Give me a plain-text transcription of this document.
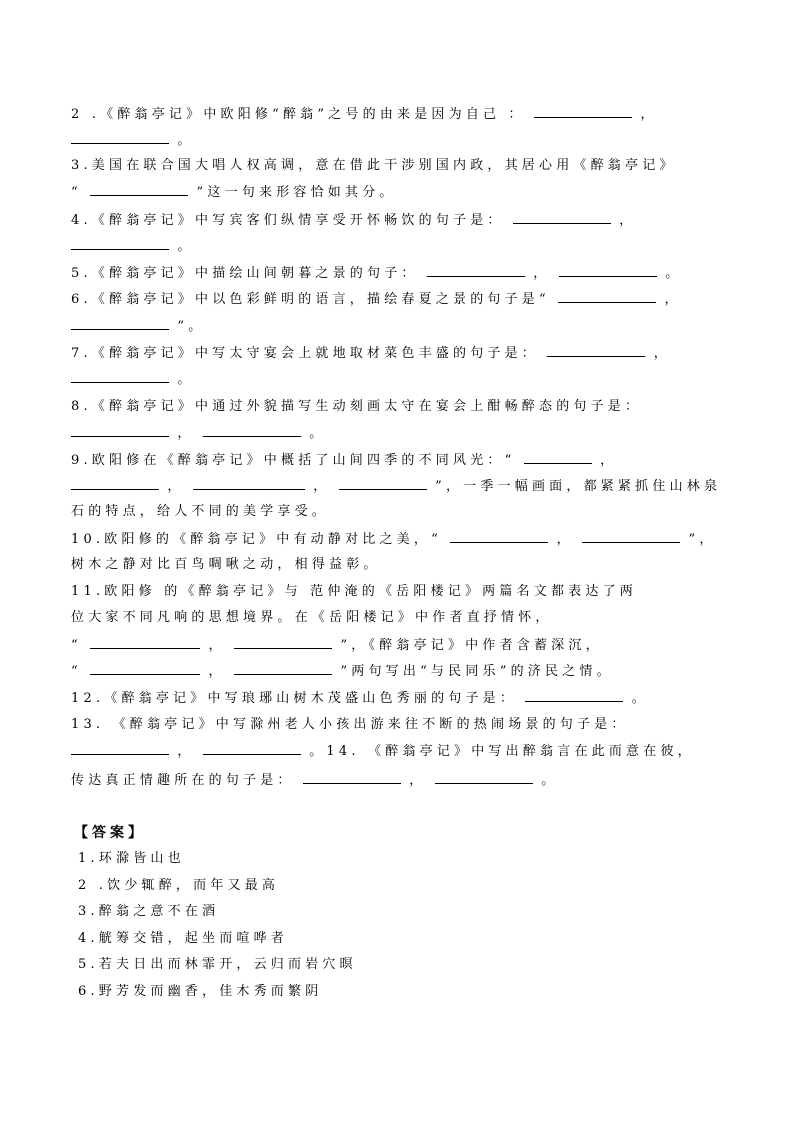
2 .《醉翁亭记》中欧阳修“醉翁”之号的由来是因为自己 ：	，
。
3.美国在联合国大唱人权高调，意在借此干涉别国内政，其居心用《醉翁亭记》
“	”这一句来形容恰如其分。
4.《醉翁亭记》中写宾客们纵情享受开怀畅饮的句子是：	，
。
5.《醉翁亭记》中描绘山间朝暮之景的句子：	，	。
6.《醉翁亭记》中以色彩鲜明的语言，描绘春夏之景的句子是“	，
”。
7.《醉翁亭记》中写太守宴会上就地取材菜色丰盛的句子是：	，
。
8.《醉翁亭记》中通过外貌描写生动刻画太守在宴会上酣畅醉态的句子是：
，	。
9.欧阳修在《醉翁亭记》中概括了山间四季的不同风光：“	，
，	，	”，一季一幅画面，都紧紧抓住山林泉
石的特点，给人不同的美学享受。
10.欧阳修的《醉翁亭记》中有动静对比之美，“	，	”，
树木之静对比百鸟啁啾之动，相得益彰。
11.欧阳修 的《醉翁亭记》与 范仲淹的《岳阳楼记》两篇名文都表达了两
位大家不同凡响的思想境界。在《岳阳楼记》中作者直抒情怀，
“	，	”，《醉翁亭记》中作者含蓄深沉，
“	，	”两句写出“与民同乐”的济民之情。
12.《醉翁亭记》中写琅琊山树木茂盛山色秀丽的句子是：	。
13. 《醉翁亭记》中写滁州老人小孩出游来往不断的热闹场景的句子是：
，	。14. 《醉翁亭记》中写出醉翁言在此而意在彼，
传达真正情趣所在的句子是：	，	。
【答案】
1.环滁皆山也
2 .饮少辄醉，而年又最高
3.醉翁之意不在酒
4.觥筹交错，起坐而喧哗者
5.若夫日出而林霏开，云归而岩穴暝
6.野芳发而幽香，佳木秀而繁阴
